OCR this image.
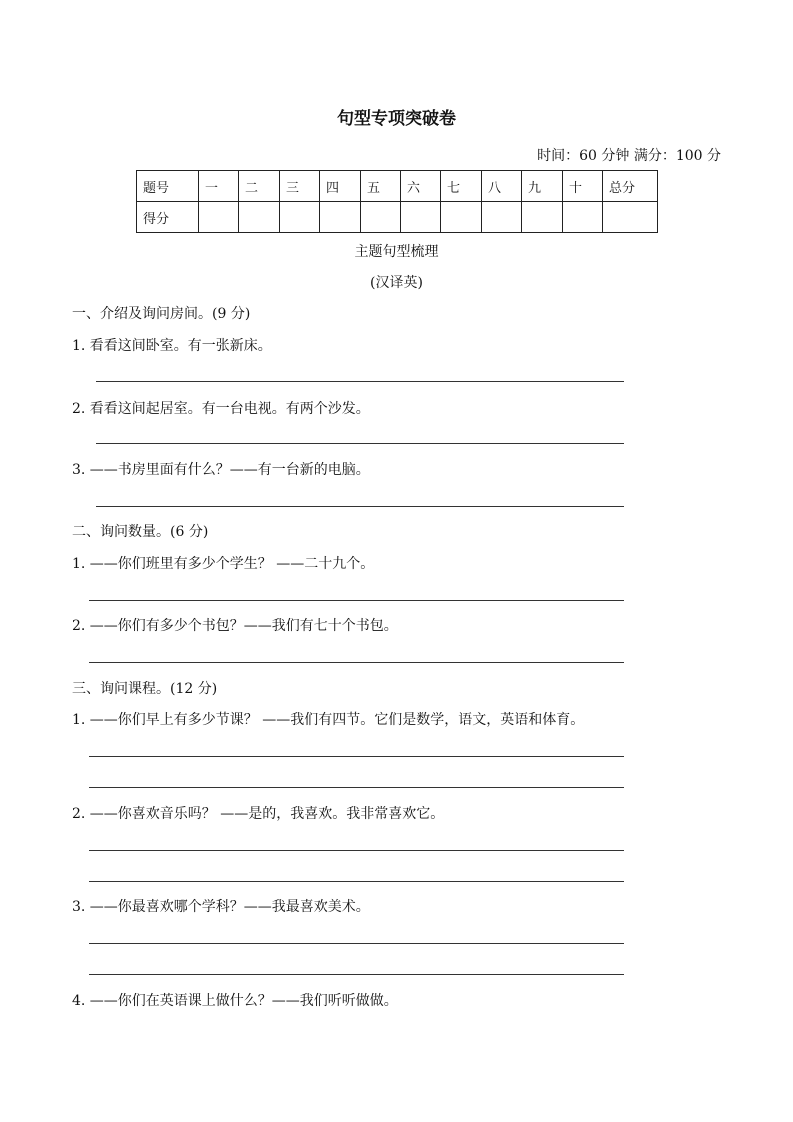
句型专项突破卷
时间：60 分钟 满分：100 分
题号	一	二	三	四	五	六	七	八	九	十	总分
得分											
主题句型梳理
(汉译英)
一、介绍及询问房间。(9 分)
1. 看看这间卧室。有一张新床。
2. 看看这间起居室。有一台电视。有两个沙发。
3. ——书房里面有什么？——有一台新的电脑。
二、询问数量。(6 分)
1. ——你们班里有多少个学生？ ——二十九个。
2. ——你们有多少个书包？——我们有七十个书包。
三、询问课程。(12 分)
1. ——你们早上有多少节课？ ——我们有四节。它们是数学，语文，英语和体育。
2. ——你喜欢音乐吗？ ——是的，我喜欢。我非常喜欢它。
3. ——你最喜欢哪个学科？——我最喜欢美术。
4. ——你们在英语课上做什么？——我们听听做做。
